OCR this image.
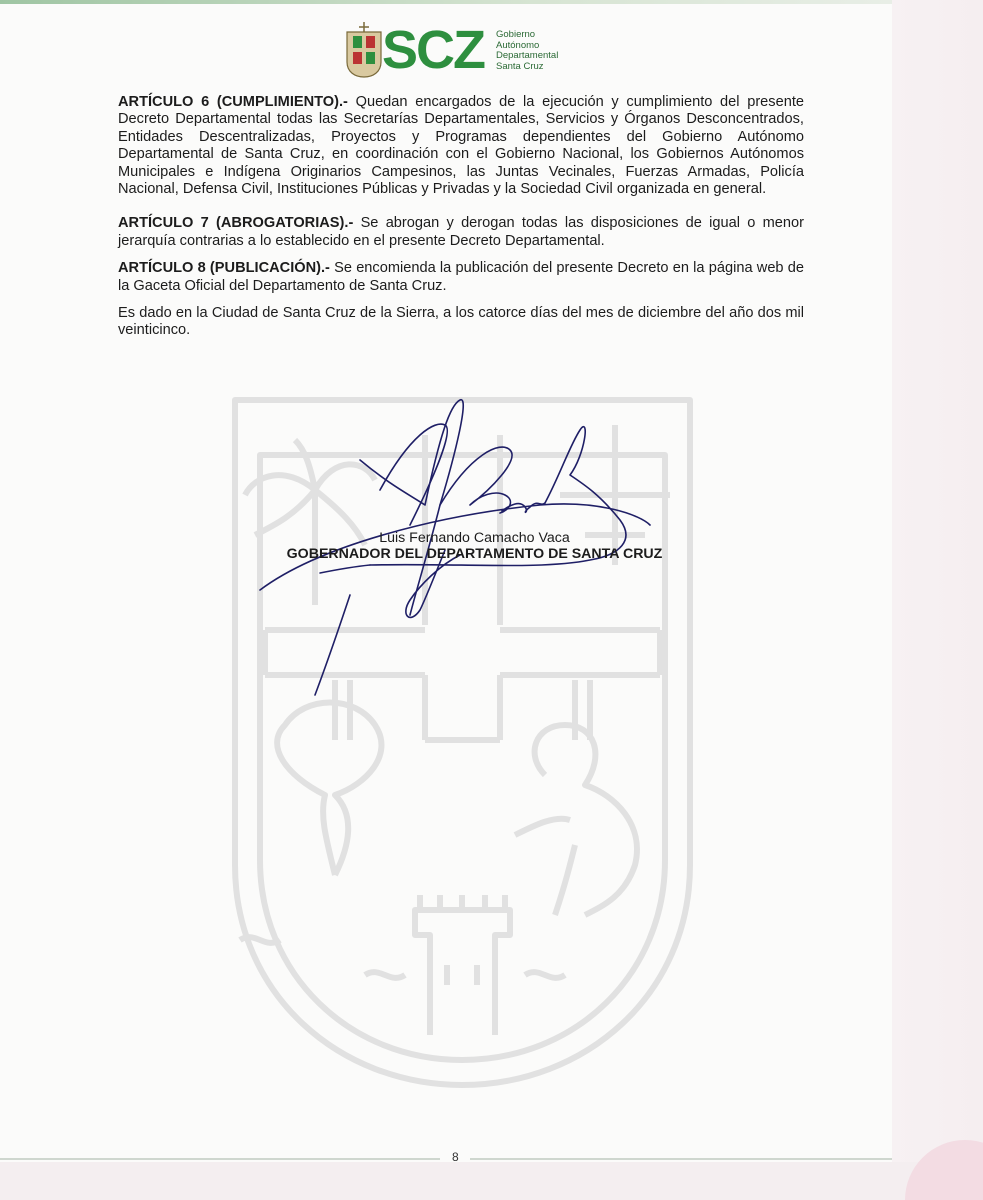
SCZ Gobierno
Autónomo
Departamental
Santa Cruz

ARTÍCULO 6 (CUMPLIMIENTO).- Quedan encargados de la ejecución y cumplimiento del presente Decreto Departamental todas las Secretarías Departamentales, Servicios y Órganos Desconcentrados, Entidades Descentralizadas, Proyectos y Programas dependientes del Gobierno Autónomo Departamental de Santa Cruz, en coordinación con el Gobierno Nacional, los Gobiernos Autónomos Municipales e Indígena Originarios Campesinos, las Juntas Vecinales, Fuerzas Armadas, Policía Nacional, Defensa Civil, Instituciones Públicas y Privadas y la Sociedad Civil organizada en general.

ARTÍCULO 7 (ABROGATORIAS).- Se abrogan y derogan todas las disposiciones de igual o menor jerarquía contrarias a lo establecido en el presente Decreto Departamental.

ARTÍCULO 8 (PUBLICACIÓN).- Se encomienda la publicación del presente Decreto en la página web de la Gaceta Oficial del Departamento de Santa Cruz.

Es dado en la Ciudad de Santa Cruz de la Sierra, a los catorce días del mes de diciembre del año dos mil veinticinco.

Luis Fernando Camacho Vaca
GOBERNADOR DEL DEPARTAMENTO DE SANTA CRUZ
8
